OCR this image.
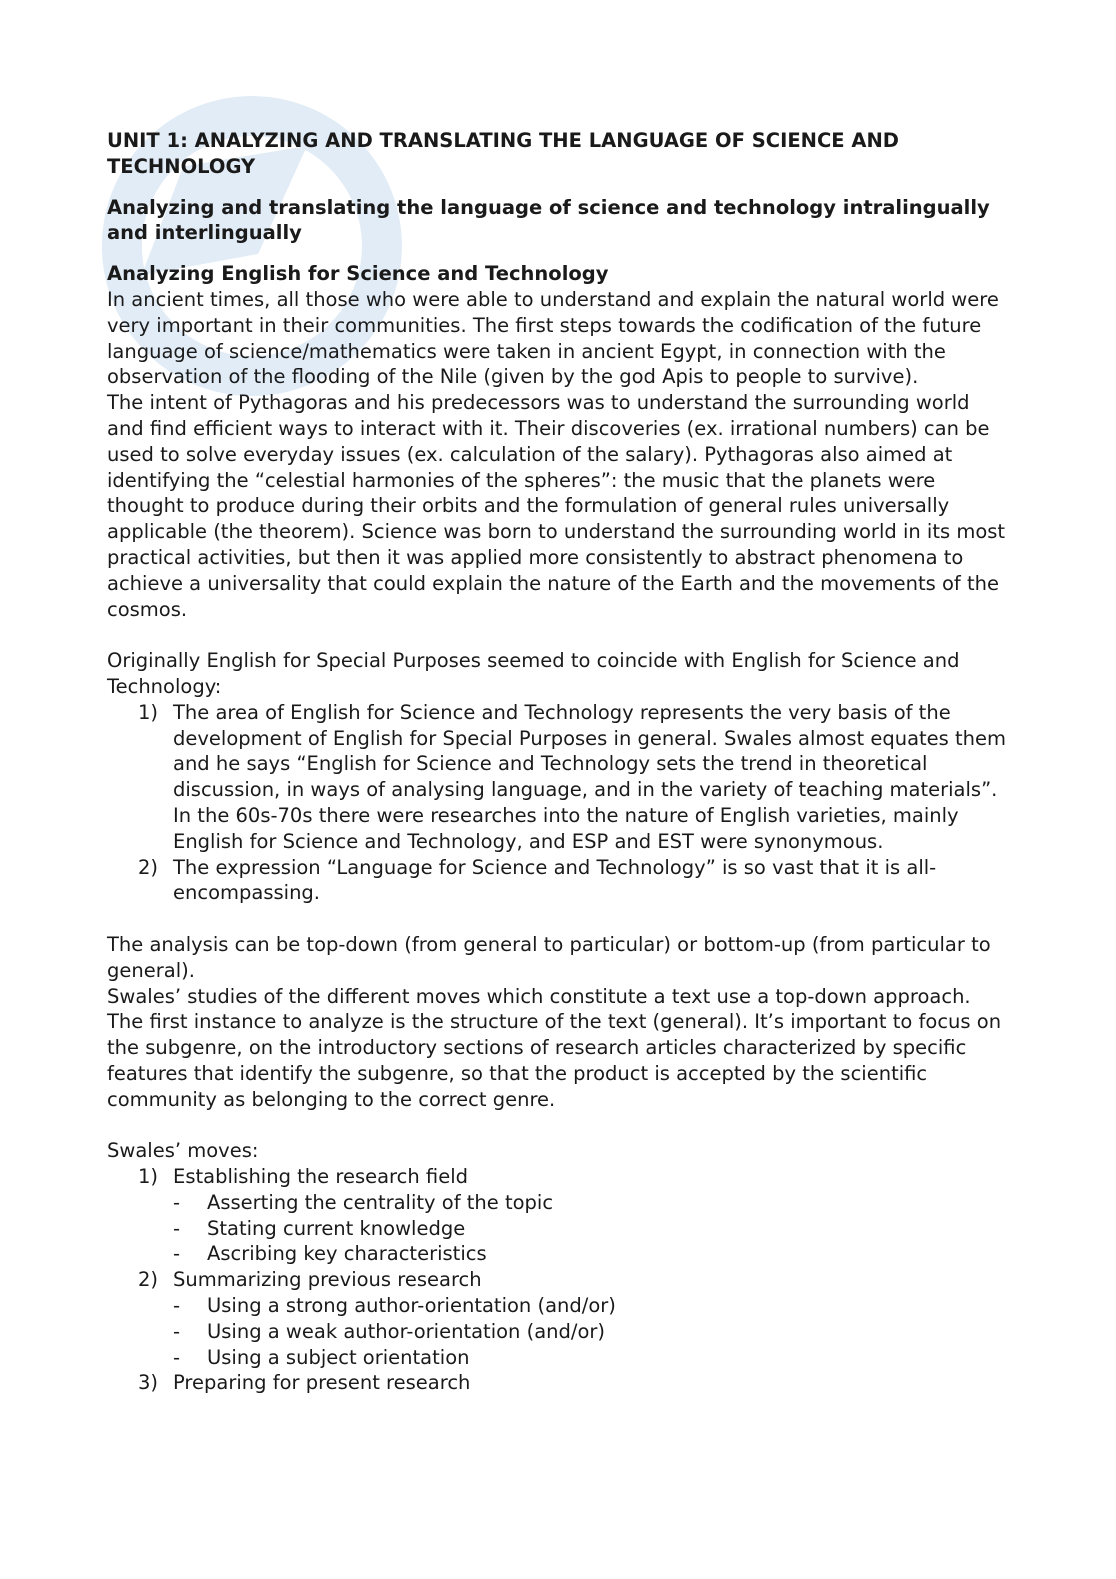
UNIT 1: ANALYZING AND TRANSLATING THE LANGUAGE OF SCIENCE AND TECHNOLOGY
Analyzing and translating the language of science and technology intralingually and interlingually
Analyzing English for Science and Technology

In ancient times, all those who were able to understand and explain the natural world were very important in their communities. The first steps towards the codification of the future language of science/mathematics were taken in ancient Egypt, in connection with the observation of the flooding of the Nile (given by the god Apis to people to survive).

The intent of Pythagoras and his predecessors was to understand the surrounding world and find efficient ways to interact with it. Their discoveries (ex. irrational numbers) can be used to solve everyday issues (ex. calculation of the salary). Pythagoras also aimed at identifying the “celestial harmonies of the spheres”: the music that the planets were thought to produce during their orbits and the formulation of general rules universally applicable (the theorem). Science was born to understand the surrounding world in its most practical activities, but then it was applied more consistently to abstract phenomena to achieve a universality that could explain the nature of the Earth and the movements of the cosmos.

Originally English for Special Purposes seemed to coincide with English for Science and Technology:

1) The area of English for Science and Technology represents the very basis of the development of English for Special Purposes in general. Swales almost equates them and he says “English for Science and Technology sets the trend in theoretical discussion, in ways of analysing language, and in the variety of teaching materials”. In the 60s-70s there were researches into the nature of English varieties, mainly English for Science and Technology, and ESP and EST were synonymous.
2) The expression “Language for Science and Technology” is so vast that it is all-encompassing.

The analysis can be top-down (from general to particular) or bottom-up (from particular to general).

Swales’ studies of the different moves which constitute a text use a top-down approach. The first instance to analyze is the structure of the text (general). It’s important to focus on the subgenre, on the introductory sections of research articles characterized by specific features that identify the subgenre, so that the product is accepted by the scientific community as belonging to the correct genre.

Swales’ moves:

1) Establishing the research field
- Asserting the centrality of the topic
- Stating current knowledge
- Ascribing key characteristics
2) Summarizing previous research
- Using a strong author-orientation (and/or)
- Using a weak author-orientation (and/or)
- Using a subject orientation
3) Preparing for present research
